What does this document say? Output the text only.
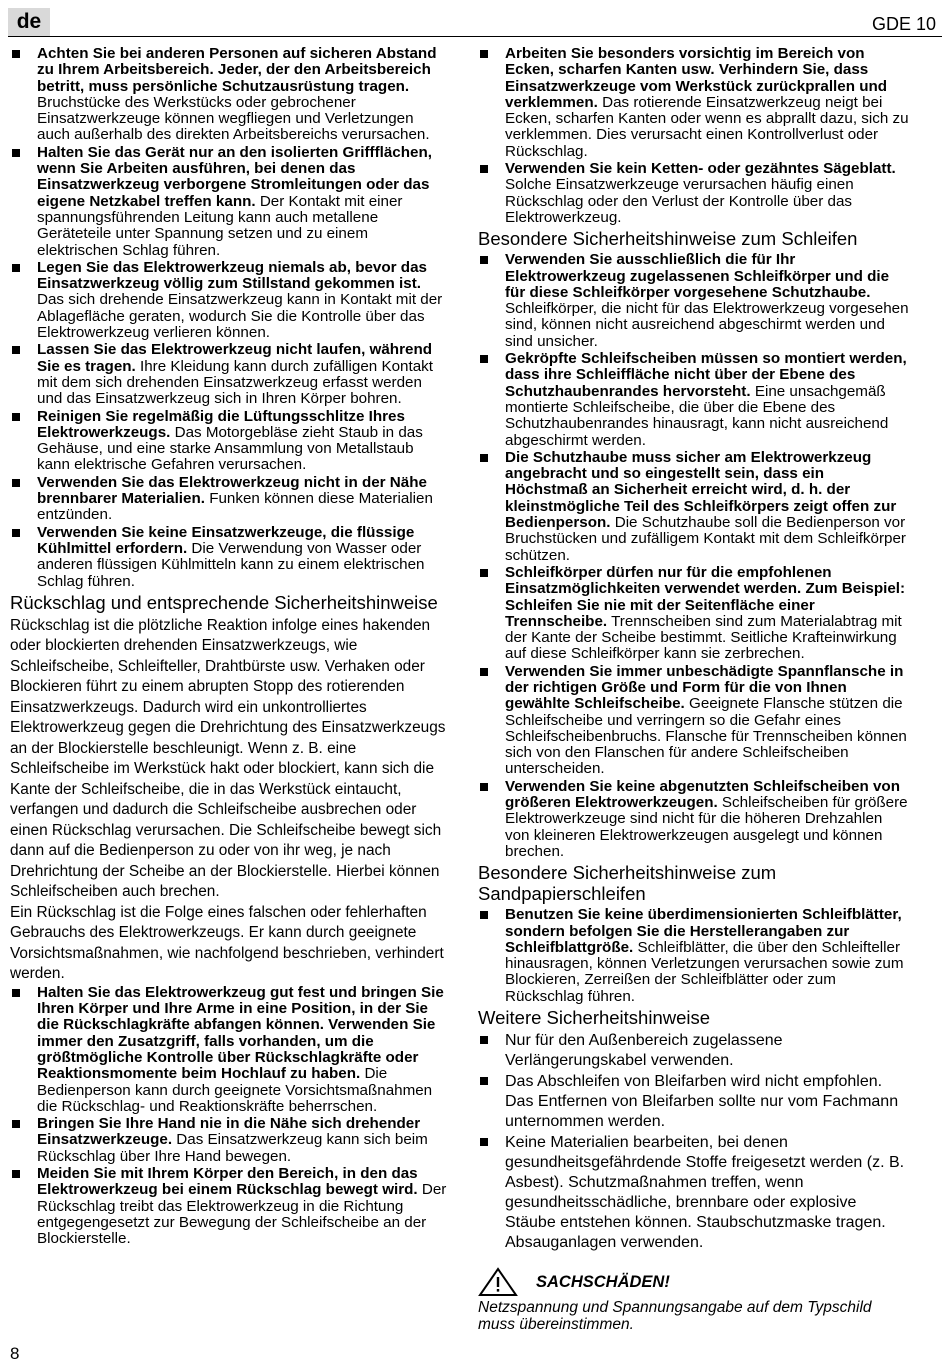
de	GDE 10
Achten Sie bei anderen Personen auf sicheren Abstand zu Ihrem Arbeitsbereich. Jeder, der den Arbeitsbereich betritt, muss persönliche Schutzausrüstung tragen. Bruchstücke des Werkstücks oder gebrochener Einsatzwerkzeuge können wegfliegen und Verletzungen auch außerhalb des direkten Arbeitsbereichs verursachen.
Halten Sie das Gerät nur an den isolierten Griffflächen, wenn Sie Arbeiten ausführen, bei denen das Einsatzwerkzeug verborgene Stromleitungen oder das eigene Netzkabel treffen kann. Der Kontakt mit einer spannungsführenden Leitung kann auch metallene Geräteteile unter Spannung setzen und zu einem elektrischen Schlag führen.
Legen Sie das Elektrowerkzeug niemals ab, bevor das Einsatzwerkzeug völlig zum Stillstand gekommen ist. Das sich drehende Einsatzwerkzeug kann in Kontakt mit der Ablagefläche geraten, wodurch Sie die Kontrolle über das Elektrowerkzeug verlieren können.
Lassen Sie das Elektrowerkzeug nicht laufen, während Sie es tragen. Ihre Kleidung kann durch zufälligen Kontakt mit dem sich drehenden Einsatzwerkzeug erfasst werden und das Einsatzwerkzeug sich in Ihren Körper bohren.
Reinigen Sie regelmäßig die Lüftungsschlitze Ihres Elektrowerkzeugs. Das Motorgebläse zieht Staub in das Gehäuse, und eine starke Ansammlung von Metallstaub kann elektrische Gefahren verursachen.
Verwenden Sie das Elektrowerkzeug nicht in der Nähe brennbarer Materialien. Funken können diese Materialien entzünden.
Verwenden Sie keine Einsatzwerkzeuge, die flüssige Kühlmittel erfordern. Die Verwendung von Wasser oder anderen flüssigen Kühlmitteln kann zu einem elektrischen Schlag führen.
Rückschlag und entsprechende Sicherheitshinweise
Rückschlag ist die plötzliche Reaktion infolge eines hakenden oder blockierten drehenden Einsatzwerkzeugs, wie Schleifscheibe, Schleifteller, Drahtbürste usw. Verhaken oder Blockieren führt zu einem abrupten Stopp des rotierenden Einsatzwerkzeugs. Dadurch wird ein unkontrolliertes Elektrowerkzeug gegen die Drehrichtung des Einsatzwerkzeugs an der Blockierstelle beschleunigt. Wenn z. B. eine Schleifscheibe im Werkstück hakt oder blockiert, kann sich die Kante der Schleifscheibe, die in das Werkstück eintaucht, verfangen und dadurch die Schleifscheibe ausbrechen oder einen Rückschlag verursachen. Die Schleifscheibe bewegt sich dann auf die Bedienperson zu oder von ihr weg, je nach Drehrichtung der Scheibe an der Blockierstelle. Hierbei können Schleifscheiben auch brechen.
Ein Rückschlag ist die Folge eines falschen oder fehlerhaften Gebrauchs des Elektrowerkzeugs. Er kann durch geeignete Vorsichtsmaßnahmen, wie nachfolgend beschrieben, verhindert werden.
Halten Sie das Elektrowerkzeug gut fest und bringen Sie Ihren Körper und Ihre Arme in eine Position, in der Sie die Rückschlagkräfte abfangen können. Verwenden Sie immer den Zusatzgriff, falls vorhanden, um die größtmögliche Kontrolle über Rückschlagkräfte oder Reaktionsmomente beim Hochlauf zu haben. Die Bedienperson kann durch geeignete Vorsichtsmaßnahmen die Rückschlag- und Reaktionskräfte beherrschen.
Bringen Sie Ihre Hand nie in die Nähe sich drehender Einsatzwerkzeuge. Das Einsatzwerkzeug kann sich beim Rückschlag über Ihre Hand bewegen.
Meiden Sie mit Ihrem Körper den Bereich, in den das Elektrowerkzeug bei einem Rückschlag bewegt wird. Der Rückschlag treibt das Elektrowerkzeug in die Richtung entgegengesetzt zur Bewegung der Schleifscheibe an der Blockierstelle.
Arbeiten Sie besonders vorsichtig im Bereich von Ecken, scharfen Kanten usw. Verhindern Sie, dass Einsatzwerkzeuge vom Werkstück zurückprallen und verklemmen. Das rotierende Einsatzwerkzeug neigt bei Ecken, scharfen Kanten oder wenn es abprallt dazu, sich zu verklemmen. Dies verursacht einen Kontrollverlust oder Rückschlag.
Verwenden Sie kein Ketten- oder gezähntes Sägeblatt. Solche Einsatzwerkzeuge verursachen häufig einen Rückschlag oder den Verlust der Kontrolle über das Elektrowerkzeug.
Besondere Sicherheitshinweise zum Schleifen
Verwenden Sie ausschließlich die für Ihr Elektrowerkzeug zugelassenen Schleifkörper und die für diese Schleifkörper vorgesehene Schutzhaube. Schleifkörper, die nicht für das Elektrowerkzeug vorgesehen sind, können nicht ausreichend abgeschirmt werden und sind unsicher.
Gekröpfte Schleifscheiben müssen so montiert werden, dass ihre Schleiffläche nicht über der Ebene des Schutzhaubenrandes hervorsteht. Eine unsachgemäß montierte Schleifscheibe, die über die Ebene des Schutzhaubenrandes hinausragt, kann nicht ausreichend abgeschirmt werden.
Die Schutzhaube muss sicher am Elektrowerkzeug angebracht und so eingestellt sein, dass ein Höchstmaß an Sicherheit erreicht wird, d. h. der kleinstmögliche Teil des Schleifkörpers zeigt offen zur Bedienperson. Die Schutzhaube soll die Bedienperson vor Bruchstücken und zufälligem Kontakt mit dem Schleifkörper schützen.
Schleifkörper dürfen nur für die empfohlenen Einsatzmöglichkeiten verwendet werden. Zum Beispiel: Schleifen Sie nie mit der Seitenfläche einer Trennscheibe. Trennscheiben sind zum Materialabtrag mit der Kante der Scheibe bestimmt. Seitliche Krafteinwirkung auf diese Schleifkörper kann sie zerbrechen.
Verwenden Sie immer unbeschädigte Spannflansche in der richtigen Größe und Form für die von Ihnen gewählte Schleifscheibe. Geeignete Flansche stützen die Schleifscheibe und verringern so die Gefahr eines Schleifscheibenbruchs. Flansche für Trennscheiben können sich von den Flanschen für andere Schleifscheiben unterscheiden.
Verwenden Sie keine abgenutzten Schleifscheiben von größeren Elektrowerkzeugen. Schleifscheiben für größere Elektrowerkzeuge sind nicht für die höheren Drehzahlen von kleineren Elektrowerkzeugen ausgelegt und können brechen.
Besondere Sicherheitshinweise zum Sandpapierschleifen
Benutzen Sie keine überdimensionierten Schleifblätter, sondern befolgen Sie die Herstellerangaben zur Schleifblattgröße. Schleifblätter, die über den Schleifteller hinausragen, können Verletzungen verursachen sowie zum Blockieren, Zerreißen der Schleifblätter oder zum Rückschlag führen.
Weitere Sicherheitshinweise
Nur für den Außenbereich zugelassene Verlängerungskabel verwenden.
Das Abschleifen von Bleifarben wird nicht empfohlen. Das Entfernen von Bleifarben sollte nur vom Fachmann unternommen werden.
Keine Materialien bearbeiten, bei denen gesundheitsgefährdende Stoffe freigesetzt werden (z. B. Asbest). Schutzmaßnahmen treffen, wenn gesundheitsschädliche, brennbare oder explosive Stäube entstehen können. Staubschutzmaske tragen. Absauganlagen verwenden.
SACHSCHÄDEN!
Netzspannung und Spannungsangabe auf dem Typschild muss übereinstimmen.
8
